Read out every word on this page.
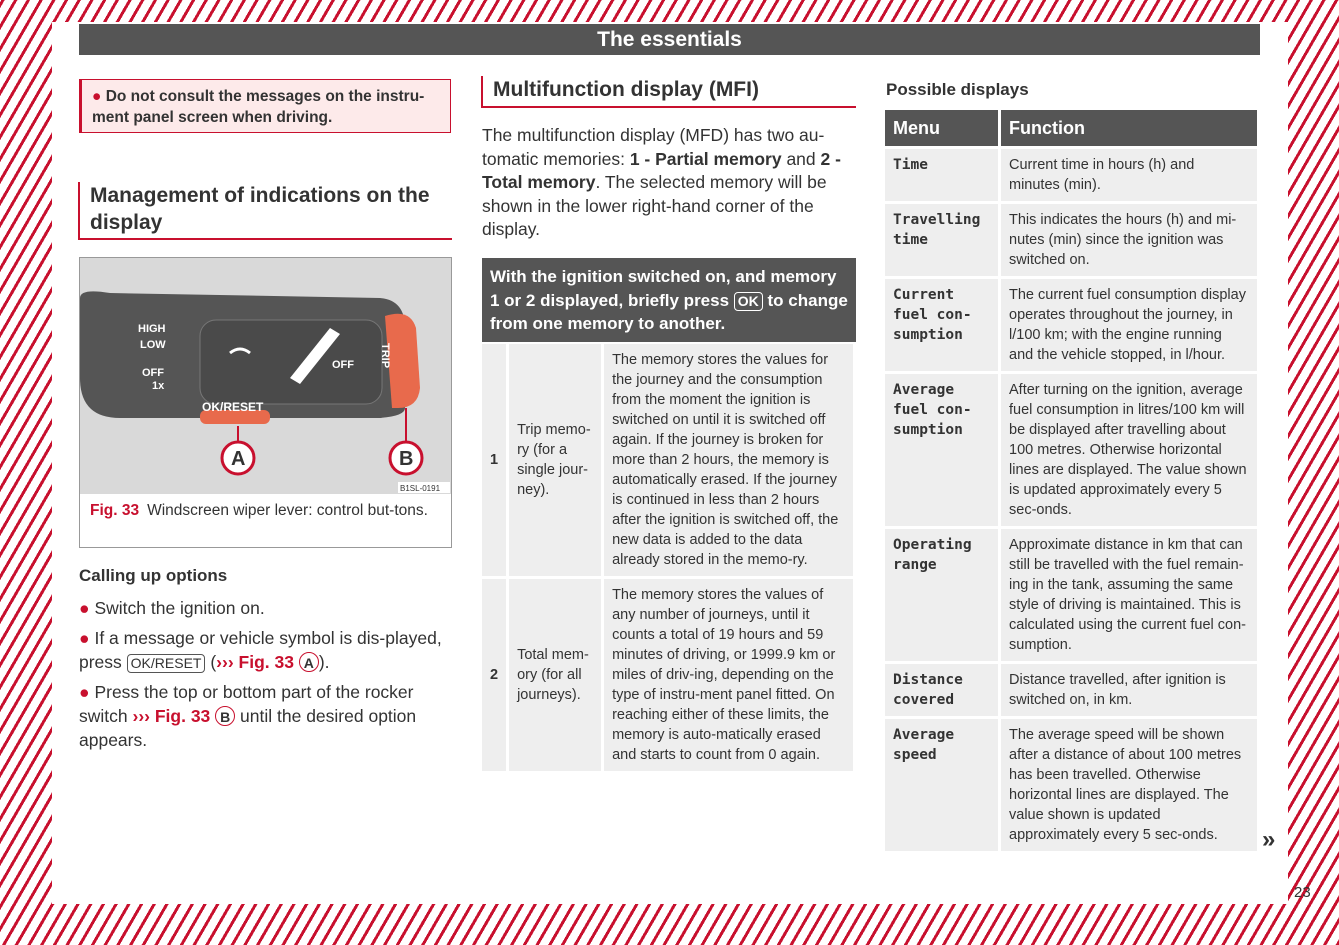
The essentials
● Do not consult the messages on the instru-ment panel screen when driving.
Management of indications on the display
HIGH
LOW
OFF
1x
OFF
OK/RESET
TRIP
A	B
B1SL-0191
Fig. 33 Windscreen wiper lever: control but-tons.
Calling up options
● Switch the ignition on.
● If a message or vehicle symbol is dis-played, press OK/RESET (››› Fig. 33 A ).
● Press the top or bottom part of the rocker switch ››› Fig. 33 B until the desired option appears.
Multifunction display (MFI)
The multifunction display (MFD) has two au-tomatic memories: 1 - Partial memory and 2 - Total memory. The selected memory will be shown in the lower right-hand corner of the display.
With the ignition switched on, and memory 1 or 2 displayed, briefly press OK to change from one memory to another.
1	Trip memo-ry (for a single jour-ney).	The memory stores the values for the journey and the consumption from the moment the ignition is switched on until it is switched off again. If the journey is broken for more than 2 hours, the memory is automatically erased. If the journey is continued in less than 2 hours after the ignition is switched off, the new data is added to the data already stored in the memo-ry.
2	Total mem-ory (for all journeys).	The memory stores the values of any number of journeys, until it counts a total of 19 hours and 59 minutes of driving, or 1999.9 km or miles of driv-ing, depending on the type of instru-ment panel fitted. On reaching either of these limits, the memory is auto-matically erased and starts to count from 0 again.
Possible displays
Menu	Function
Time	Current time in hours (h) and minutes (min).
Travelling time	This indicates the hours (h) and mi-nutes (min) since the ignition was switched on.
Current fuel con-sumption	The current fuel consumption display operates throughout the journey, in l/100 km; with the engine running and the vehicle stopped, in l/hour.
Average fuel con-sumption	After turning on the ignition, average fuel consumption in litres/100 km will be displayed after travelling about 100 metres. Otherwise horizontal lines are displayed. The value shown is updated approximately every 5 sec-onds.
Operating range	Approximate distance in km that can still be travelled with the fuel remain-ing in the tank, assuming the same style of driving is maintained. This is calculated using the current fuel con-sumption.
Distance covered	Distance travelled, after ignition is switched on, in km.
Average speed	The average speed will be shown after a distance of about 100 metres has been travelled. Otherwise horizontal lines are displayed. The value shown is updated approximately every 5 sec-onds. »
23
